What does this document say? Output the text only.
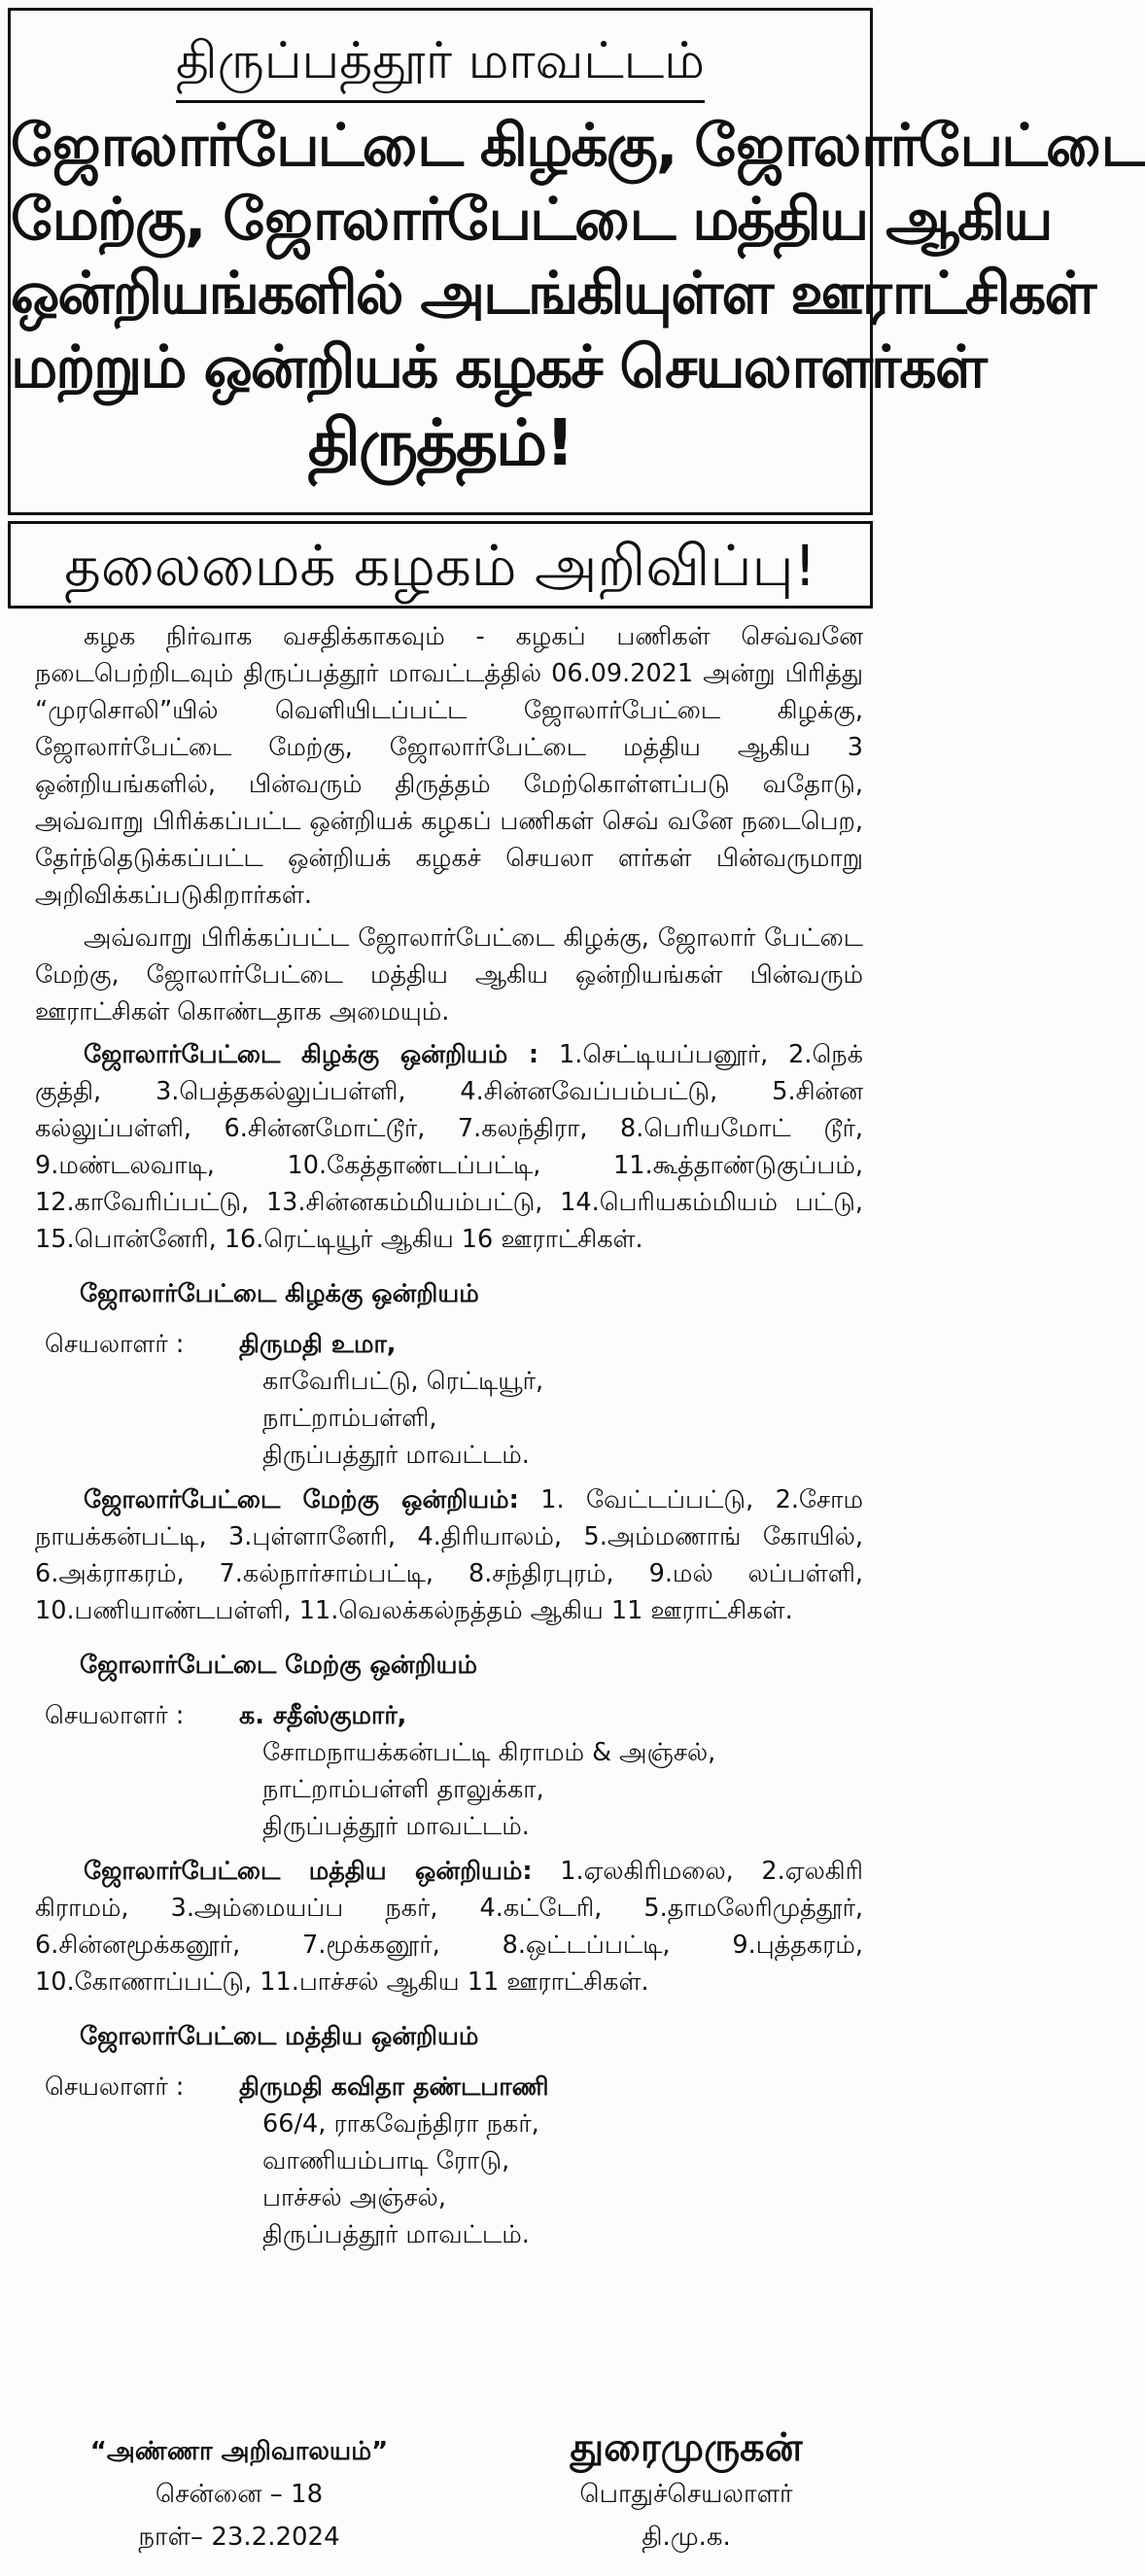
திருப்பத்தூர் மாவட்டம்
ஜோலார்பேட்டை கிழக்கு, ஜோலார்பேட்டை
மேற்கு, ஜோலார்பேட்டை மத்திய ஆகிய
ஒன்றியங்களில் அடங்கியுள்ள ஊராட்சிகள்
மற்றும் ஒன்றியக் கழகச் செயலாளர்கள்
திருத்தம்!
தலைமைக் கழகம் அறிவிப்பு!

கழக நிர்வாக வசதிக்காகவும் - கழகப் பணிகள் செவ்வனே நடைபெற்றிடவும் திருப்பத்தூர் மாவட்டத்தில் 06.09.2021 அன்று பிரித்து “முரசொலி”யில் வெளியிடப்பட்ட ஜோலார்பேட்டை கிழக்கு, ஜோலார்பேட்டை மேற்கு, ஜோலார்பேட்டை மத்திய ஆகிய 3 ஒன்றியங்களில், பின்வரும் திருத்தம் மேற்கொள்ளப்படு வதோடு, அவ்வாறு பிரிக்கப்பட்ட ஒன்றியக் கழகப் பணிகள் செவ் வனே நடைபெற, தேர்ந்தெடுக்கப்பட்ட ஒன்றியக் கழகச் செயலா ளர்கள் பின்வருமாறு அறிவிக்கப்படுகிறார்கள்.

அவ்வாறு பிரிக்கப்பட்ட ஜோலார்பேட்டை கிழக்கு, ஜோலார் பேட்டை மேற்கு, ஜோலார்பேட்டை மத்திய ஆகிய ஒன்றியங்கள் பின்வரும் ஊராட்சிகள் கொண்டதாக அமையும்.

ஜோலார்பேட்டை கிழக்கு ஒன்றியம் : 1.செட்டியப்பனூர், 2.நெக் குத்தி, 3.பெத்தகல்லுப்பள்ளி, 4.சின்னவேப்பம்பட்டு, 5.சின்ன கல்லுப்பள்ளி, 6.சின்னமோட்டூர், 7.கலந்திரா, 8.பெரியமோட் டூர், 9.மண்டலவாடி, 10.கேத்தாண்டப்பட்டி, 11.கூத்தாண்டுகுப்பம், 12.காவேரிப்பட்டு, 13.சின்னகம்மியம்பட்டு, 14.பெரியகம்மியம் பட்டு, 15.பொன்னேரி, 16.ரெட்டியூர் ஆகிய 16 ஊராட்சிகள்.

ஜோலார்பேட்டை கிழக்கு ஒன்றியம்
செயலாளர் :	திருமதி உமா,
காவேரிபட்டு, ரெட்டியூர்,
நாட்றாம்பள்ளி,
திருப்பத்தூர் மாவட்டம்.

ஜோலார்பேட்டை மேற்கு ஒன்றியம்: 1. வேட்டப்பட்டு, 2.சோம நாயக்கன்பட்டி, 3.புள்ளானேரி, 4.திரியாலம், 5.அம்மணாங் கோயில், 6.அக்ராகரம், 7.கல்நார்சாம்பட்டி, 8.சந்திரபுரம், 9.மல் லப்பள்ளி, 10.பணியாண்டபள்ளி, 11.வெலக்கல்நத்தம் ஆகிய 11 ஊராட்சிகள்.

ஜோலார்பேட்டை மேற்கு ஒன்றியம்
செயலாளர் :	க. சதீஸ்குமார்,
சோமநாயக்கன்பட்டி கிராமம் & அஞ்சல்,
நாட்றாம்பள்ளி தாலுக்கா,
திருப்பத்தூர் மாவட்டம்.

ஜோலார்பேட்டை மத்திய ஒன்றியம்: 1.ஏலகிரிமலை, 2.ஏலகிரி கிராமம், 3.அம்மையப்ப நகர், 4.கட்டேரி, 5.தாமலேரிமுத்தூர், 6.சின்னமூக்கனூர், 7.மூக்கனூர், 8.ஒட்டப்பட்டி, 9.புத்தகரம், 10.கோணாப்பட்டு, 11.பாச்சல் ஆகிய 11 ஊராட்சிகள்.

ஜோலார்பேட்டை மத்திய ஒன்றியம்
செயலாளர் :	திருமதி கவிதா தண்டபாணி
66/4, ராகவேந்திரா நகர்,
வாணியம்பாடி ரோடு,
பாச்சல் அஞ்சல்,
திருப்பத்தூர் மாவட்டம்.
“அண்ணா அறிவாலயம்”
சென்னை – 18
நாள்– 23.2.2024
துரைமுருகன்
பொதுச்செயலாளர்
தி.மு.க.
